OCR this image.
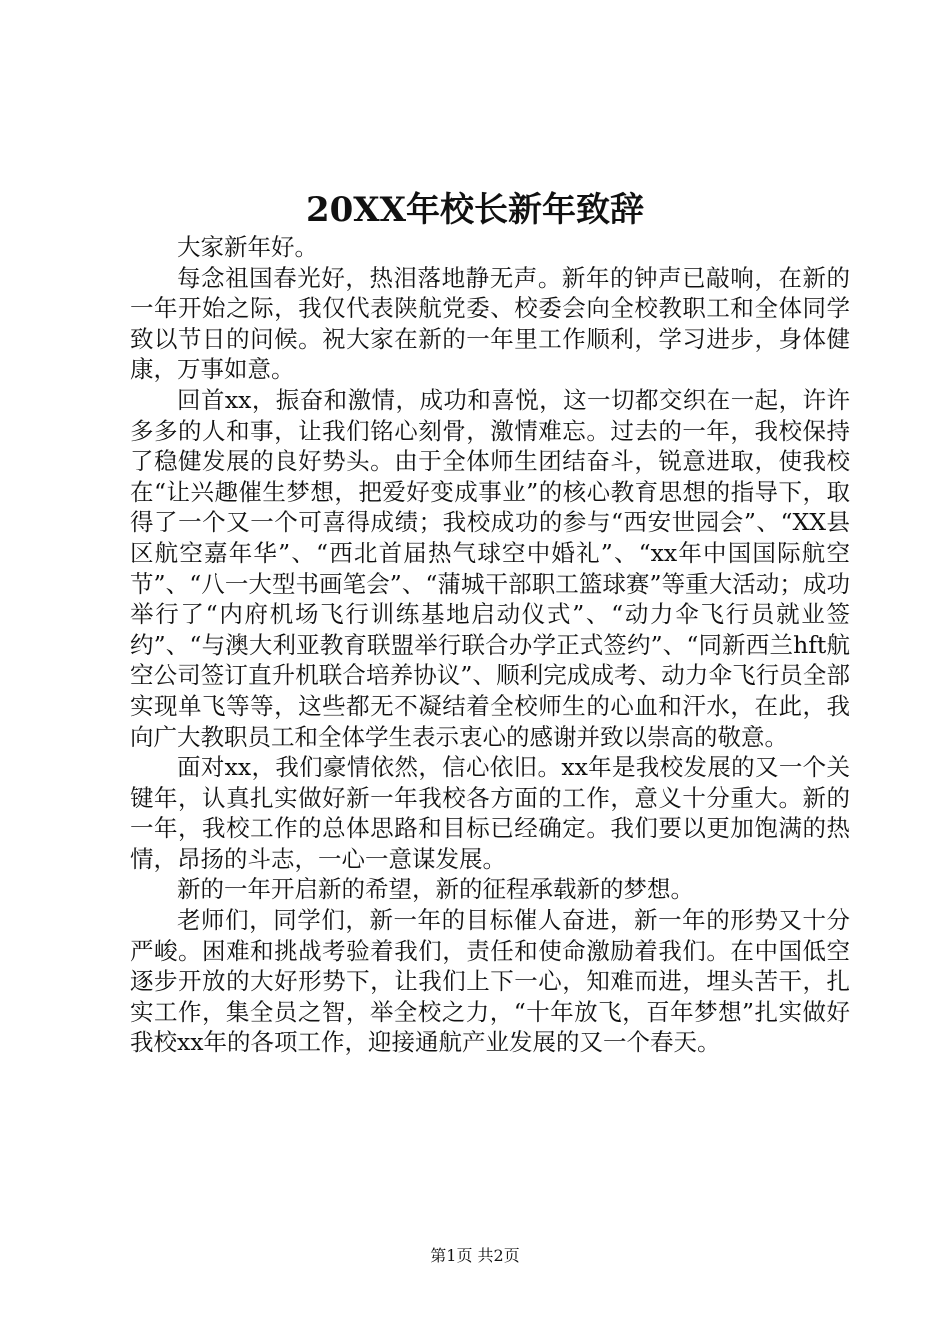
20XX年校长新年致辞

大家新年好。

每念祖国春光好，热泪落地静无声。新年的钟声已敲响，在新的一年开始之际，我仅代表陕航党委、校委会向全校教职工和全体同学致以节日的问候。祝大家在新的一年里工作顺利，学习进步，身体健康，万事如意。

回首xx，振奋和激情，成功和喜悦，这一切都交织在一起，许许多多的人和事，让我们铭心刻骨，激情难忘。过去的一年，我校保持了稳健发展的良好势头。由于全体师生团结奋斗，锐意进取，使我校在“让兴趣催生梦想，把爱好变成事业”的核心教育思想的指导下，取得了一个又一个可喜得成绩；我校成功的参与“西安世园会”、“XX县区航空嘉年华”、“西北首届热气球空中婚礼”、“xx年中国国际航空节”、“八一大型书画笔会”、“蒲城干部职工篮球赛”等重大活动；成功举行了“内府机场飞行训练基地启动仪式”、“动力伞飞行员就业签约”、“与澳大利亚教育联盟举行联合办学正式签约”、“同新西兰hft航空公司签订直升机联合培养协议”、顺利完成成考、动力伞飞行员全部实现单飞等等，这些都无不凝结着全校师生的心血和汗水，在此，我向广大教职员工和全体学生表示衷心的感谢并致以崇高的敬意。

面对xx，我们豪情依然，信心依旧。xx年是我校发展的又一个关键年，认真扎实做好新一年我校各方面的工作，意义十分重大。新的一年，我校工作的总体思路和目标已经确定。我们要以更加饱满的热情，昂扬的斗志，一心一意谋发展。

新的一年开启新的希望，新的征程承载新的梦想。

老师们，同学们，新一年的目标催人奋进，新一年的形势又十分严峻。困难和挑战考验着我们，责任和使命激励着我们。在中国低空逐步开放的大好形势下，让我们上下一心，知难而进，埋头苦干，扎实工作，集全员之智，举全校之力，“十年放飞，百年梦想”扎实做好我校xx年的各项工作，迎接通航产业发展的又一个春天。

第1页 共2页
